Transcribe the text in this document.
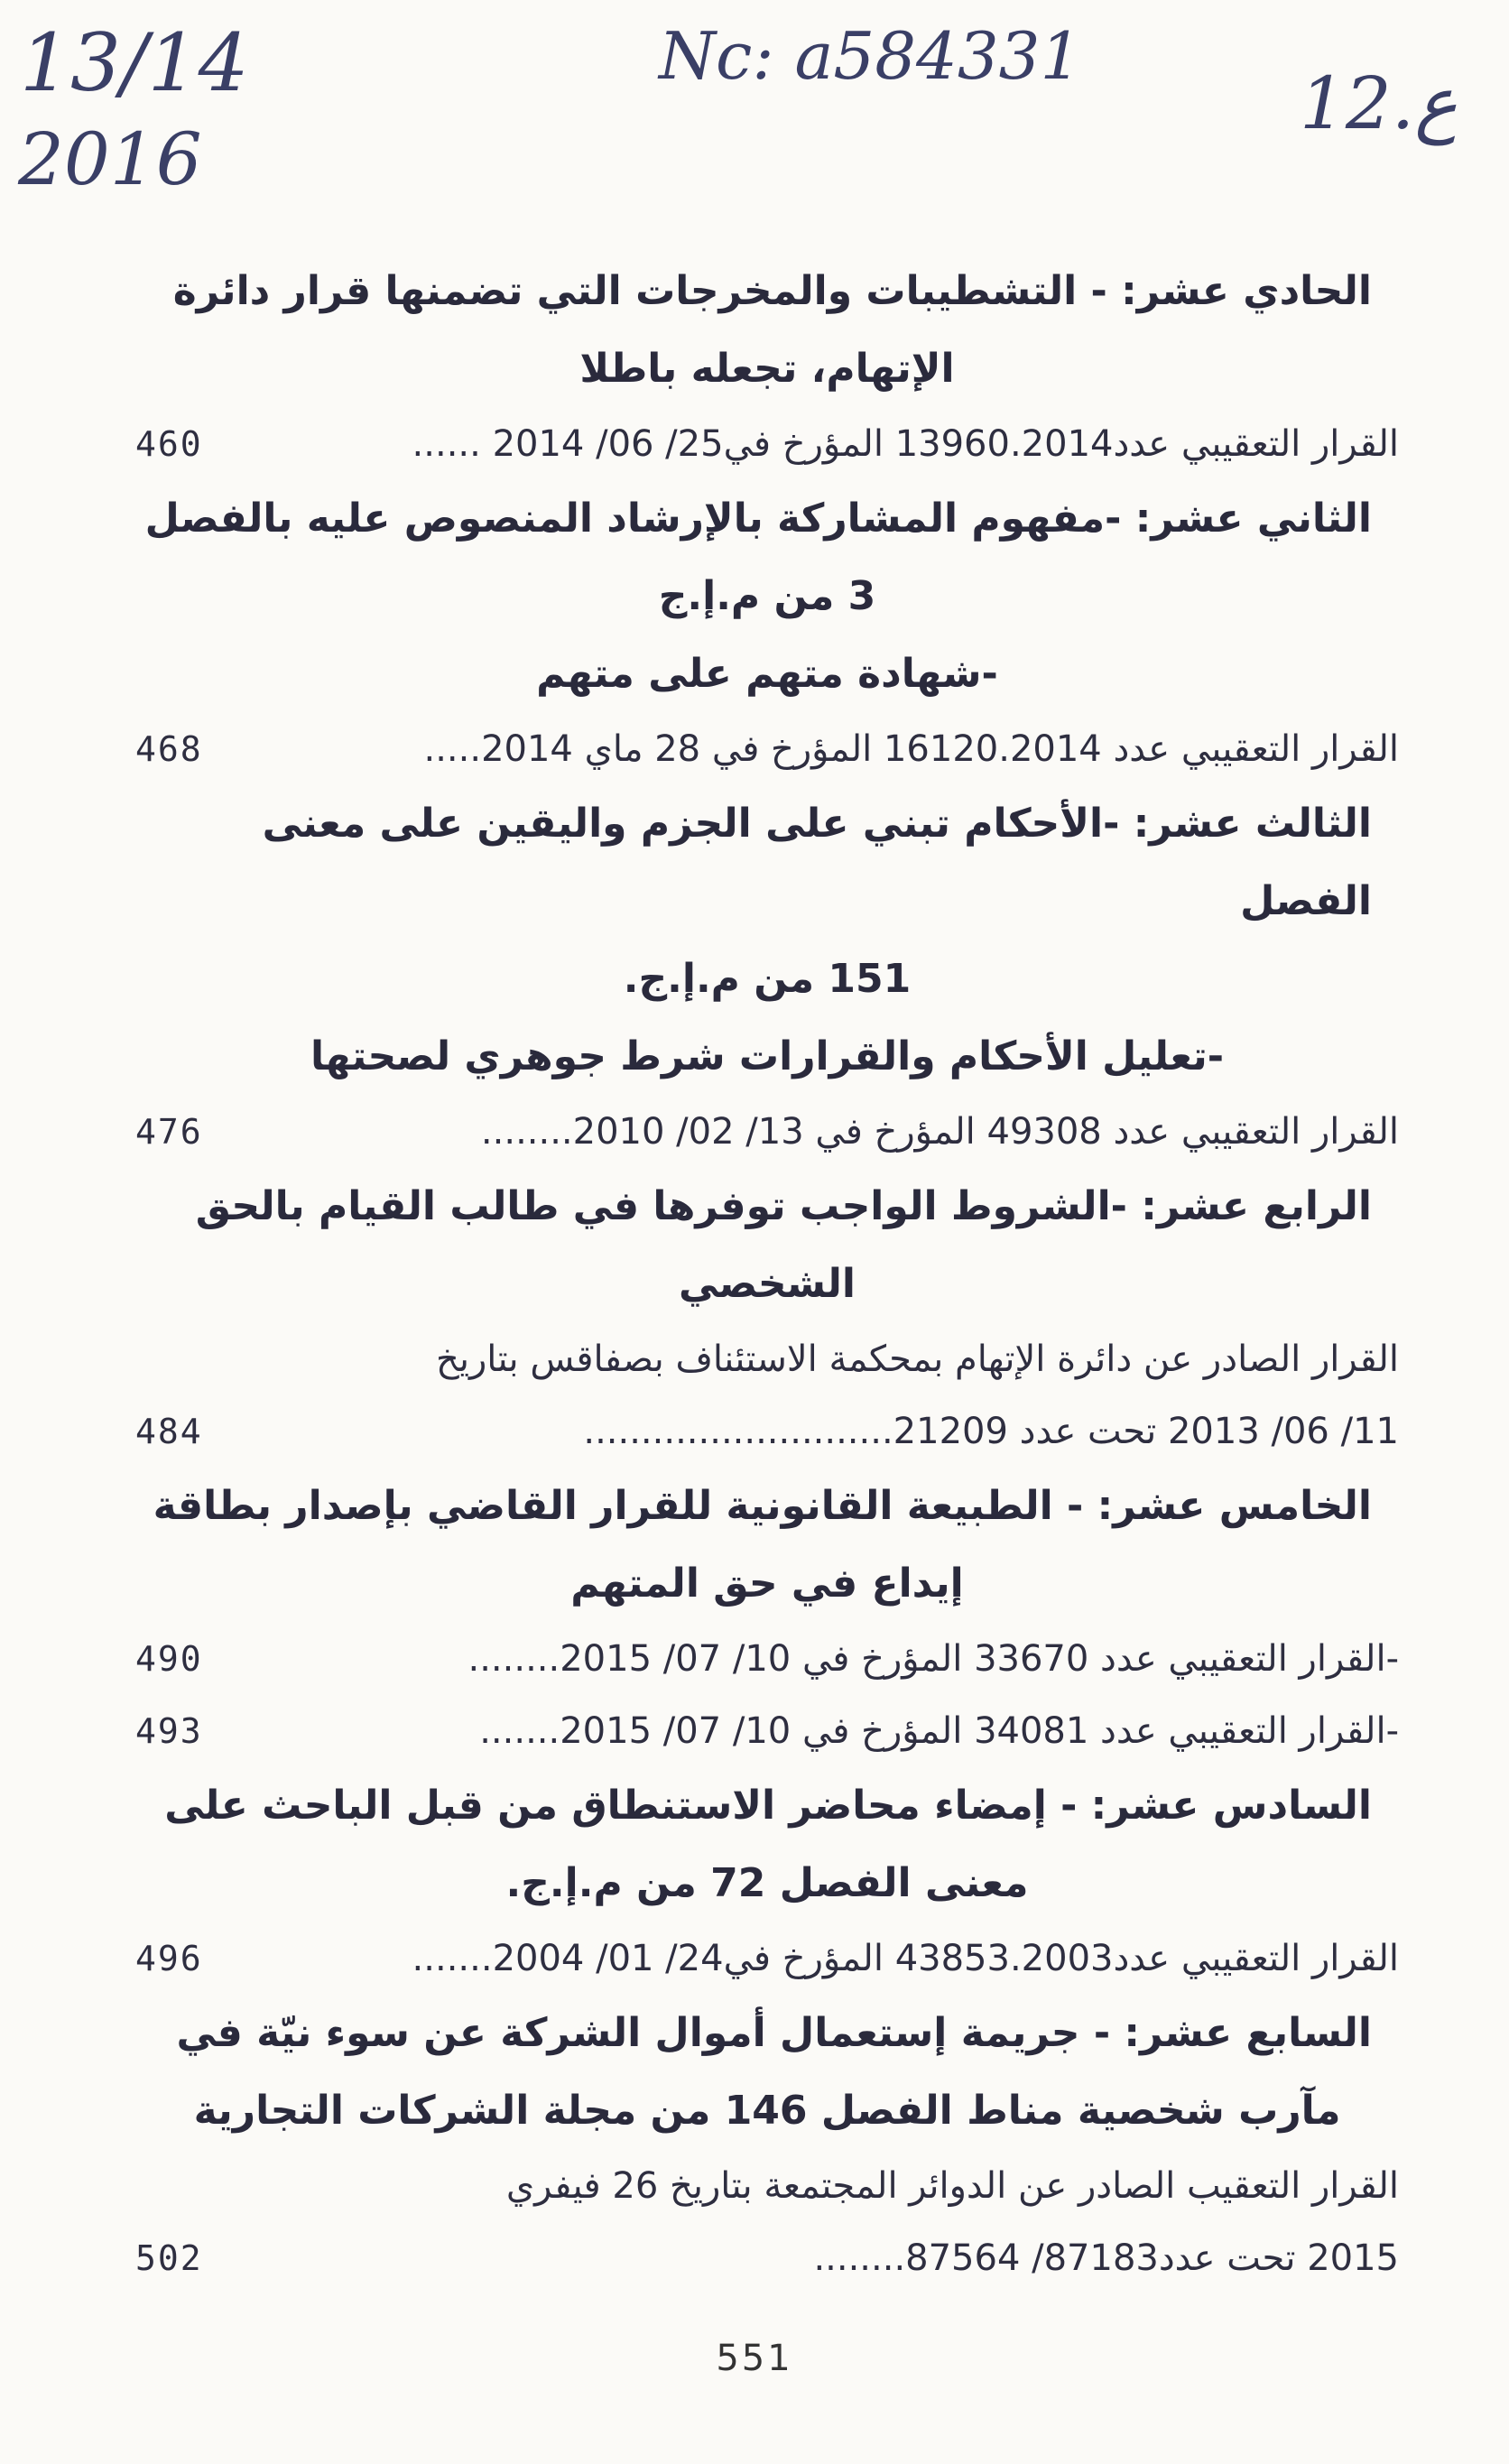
13/14
2016
Nc: a584331
12.ع
الحادي عشر: - التشطيبات والمخرجات التي تضمنها قرار دائرة
الإتهام، تجعله باطلا
القرار التعقيبي عدد13960.2014 المؤرخ في25/ 06/ 2014 ......
460
الثاني عشر: -مفهوم المشاركة بالإرشاد المنصوص عليه بالفصل
3 من م.إ.ج
-شهادة متهم على متهم
القرار التعقيبي عدد 16120.2014 المؤرخ في 28 ماي 2014.....
468
الثالث عشر: -الأحكام تبني على الجزم واليقين على معنى الفصل
151 من م.إ.ج.
-تعليل الأحكام والقرارات شرط جوهري لصحتها
القرار التعقيبي عدد 49308 المؤرخ في 13/ 02/ 2010........
476
الرابع عشر: -الشروط الواجب توفرها في طالب القيام بالحق
الشخصي
القرار الصادر عن دائرة الإتهام بمحكمة الاستئناف بصفاقس بتاريخ
11/ 06/ 2013 تحت عدد 21209...........................
484
الخامس عشر: - الطبيعة القانونية للقرار القاضي بإصدار بطاقة
إيداع في حق المتهم
-القرار التعقيبي عدد 33670 المؤرخ في 10/ 07/ 2015........
490
-القرار التعقيبي عدد 34081 المؤرخ في 10/ 07/ 2015.......
493
السادس عشر: - إمضاء محاضر الاستنطاق من قبل الباحث على
معنى الفصل 72 من م.إ.ج.
القرار التعقيبي عدد43853.2003 المؤرخ في24/ 01/ 2004.......
496
السابع عشر: - جريمة إستعمال أموال الشركة عن سوء نيّة في
مآرب شخصية مناط الفصل 146 من مجلة الشركات التجارية
القرار التعقيب الصادر عن الدوائر المجتمعة بتاريخ 26 فيفري
2015 تحت عدد87183/ 87564........
502
551
